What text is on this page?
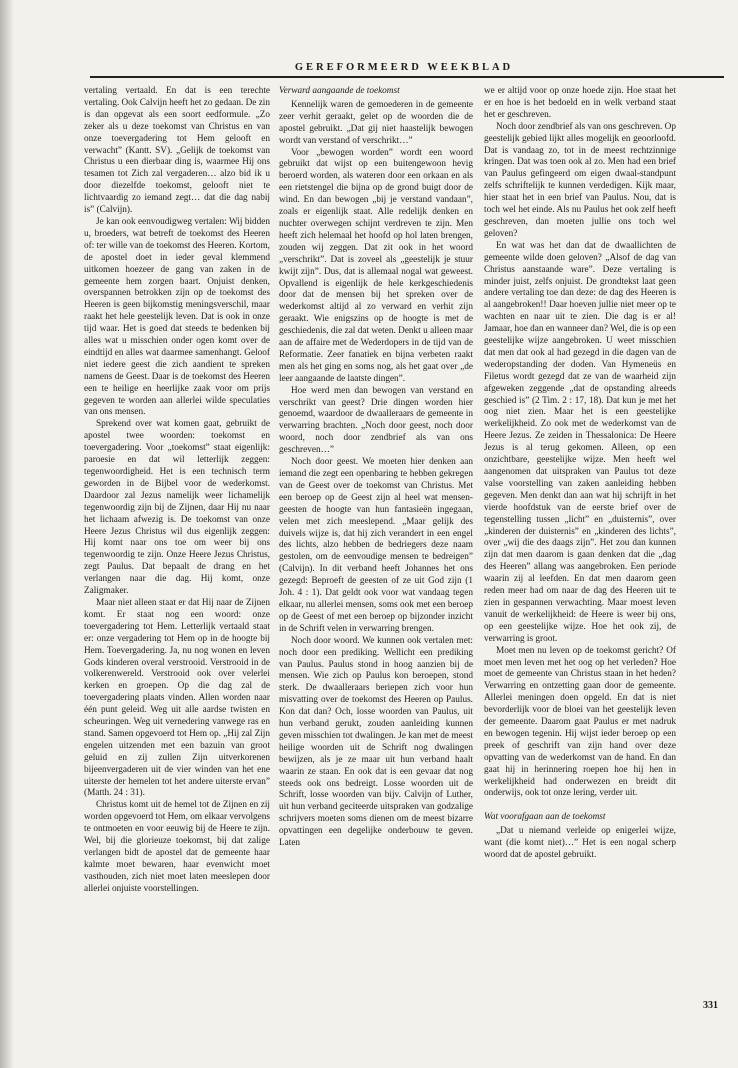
GEREFORMEERD WEEKBLAD

vertaling vertaald. En dat is een terechte vertaling. Ook Calvijn heeft het zo gedaan. De zin is dan opgevat als een soort eedformule. „Zo zeker als u deze toekomst van Christus en van onze toevergadering tot Hem gelooft en verwacht” (Kantt. SV). „Gelijk de toekomst van Christus u een dierbaar ding is, waarmee Hij ons tesamen tot Zich zal vergaderen… alzo bid ik u door diezelfde toekomst, gelooft niet te lichtvaardig zo iemand zegt… dat die dag nabij is” (Calvijn).

Je kan ook eenvoudigweg vertalen: Wij bidden u, broeders, wat betreft de toekomst des Heeren of: ter wille van de toekomst des Heeren. Kortom, de apostel doet in ieder geval klemmend uitkomen hoezeer de gang van zaken in de gemeente hem zorgen baart. Onjuist denken, overspannen betrokken zijn op de toekomst des Heeren is geen bijkomstig meningsverschil, maar raakt het hele geestelijk leven. Dat is ook in onze tijd waar. Het is goed dat steeds te bedenken bij alles wat u misschien onder ogen komt over de eindtijd en alles wat daarmee samenhangt. Geloof niet iedere geest die zich aandient te spreken namens de Geest. Daar is de toekomst des Heeren een te heilige en heerlijke zaak voor om prijs gegeven te worden aan allerlei wilde speculaties van ons mensen.

Sprekend over wat komen gaat, gebruikt de apostel twee woorden: toekomst en toevergadering. Voor „toekomst” staat eigenlijk: paroesie en dat wil letterlijk zeggen: tegenwoordigheid. Het is een technisch term geworden in de Bijbel voor de wederkomst. Daardoor zal Jezus namelijk weer lichamelijk tegenwoordig zijn bij de Zijnen, daar Hij nu naar het lichaam afwezig is. De toekomst van onze Heere Jezus Christus wil dus eigenlijk zeggen: Hij komt naar ons toe om weer bij ons tegenwoordig te zijn. Onze Heere Jezus Christus, zegt Paulus. Dat bepaalt de drang en het verlangen naar die dag. Hij komt, onze Zaligmaker.

Maar niet alleen staat er dat Hij naar de Zijnen komt. Er staat nog een woord: onze toevergadering tot Hem. Letterlijk vertaald staat er: onze vergadering tot Hem op in de hoogte bij Hem. Toevergadering. Ja, nu nog wonen en leven Gods kinderen overal verstrooid. Verstrooid in de volkerenwereld. Verstrooid ook over velerlei kerken en groepen. Op die dag zal de toevergadering plaats vinden. Allen worden naar één punt geleid. Weg uit alle aardse twisten en scheuringen. Weg uit vernedering vanwege ras en stand. Samen opgevoerd tot Hem op. „Hij zal Zijn engelen uitzenden met een bazuin van groot geluid en zij zullen Zijn uitverkorenen bijeenvergaderen uit de vier winden van het ene uiterste der hemelen tot het andere uiterste ervan” (Matth. 24 : 31).

Christus komt uit de hemel tot de Zijnen en zij worden opgevoerd tot Hem, om elkaar vervolgens te ontmoeten en voor eeuwig bij de Heere te zijn. Wel, bij die glorieuze toekomst, bij dat zalige verlangen bidt de apostel dat de gemeente haar kalmte moet bewaren, haar evenwicht moet vasthouden, zich niet moet laten meeslepen door allerlei onjuiste voorstellingen.

Verward aangaande de toekomst

Kennelijk waren de gemoederen in de gemeente zeer verhit geraakt, gelet op de woorden die de apostel gebruikt. „Dat gij niet haastelijk bewogen wordt van verstand of verschrikt…”

Voor „bewogen worden” wordt een woord gebruikt dat wijst op een buitengewoon hevig beroerd worden, als wateren door een orkaan en als een rietstengel die bijna op de grond buigt door de wind. En dan bewogen „bij je verstand vandaan”, zoals er eigenlijk staat. Alle redelijk denken en nuchter overwegen schijnt verdreven te zijn. Men heeft zich helemaal het hoofd op hol laten brengen, zouden wij zeggen. Dat zit ook in het woord „verschrikt”. Dat is zoveel als „geestelijk je stuur kwijt zijn”. Dus, dat is allemaal nogal wat geweest. Opvallend is eigenlijk de hele kerkgeschiedenis door dat de mensen bij het spreken over de wederkomst altijd al zo verward en verhit zijn geraakt. Wie enigszins op de hoogte is met de geschiedenis, die zal dat weten. Denkt u alleen maar aan de affaire met de Wederdopers in de tijd van de Reformatie. Zeer fanatiek en bijna verbeten raakt men als het ging en soms nog, als het gaat over „de leer aangaande de laatste dingen”.

Hoe werd men dan bewogen van verstand en verschrikt van geest? Drie dingen worden hier genoemd, waardoor de dwaalleraars de gemeente in verwarring brachten. „Noch door geest, noch door woord, noch door zendbrief als van ons geschreven…”

Noch door geest. We moeten hier denken aan iemand die zegt een openbaring te hebben gekregen van de Geest over de toekomst van Christus. Met een beroep op de Geest zijn al heel wat mensen-geesten de hoogte van hun fantasieën ingegaan, velen met zich meeslepend. „Maar gelijk des duivels wijze is, dat hij zich verandert in een engel des lichts, alzo hebben de bedriegers deze naam gestolen, om de eenvoudige mensen te bedreigen” (Calvijn). In dit verband heeft Johannes het ons gezegd: Beproeft de geesten of ze uit God zijn (1 Joh. 4 : 1). Dat geldt ook voor wat vandaag tegen elkaar, nu allerlei mensen, soms ook met een beroep op de Geest of met een beroep op bijzonder inzicht in de Schrift velen in verwarring brengen.

Noch door woord. We kunnen ook vertalen met: noch door een prediking. Wellicht een prediking van Paulus. Paulus stond in hoog aanzien bij de mensen. Wie zich op Paulus kon beroepen, stond sterk. De dwaalleraars beriepen zich voor hun misvatting over de toekomst des Heeren op Paulus. Kon dat dan? Och, losse woorden van Paulus, uit hun verband gerukt, zouden aanleiding kunnen geven misschien tot dwalingen. Je kan met de meest heilige woorden uit de Schrift nog dwalingen bewijzen, als je ze maar uit hun verband haalt waarin ze staan. En ook dat is een gevaar dat nog steeds ook ons bedreigt. Losse woorden uit de Schrift, losse woorden van bijv. Calvijn of Luther, uit hun verband geciteerde uitspraken van godzalige schrijvers moeten soms dienen om de meest bizarre opvattingen een degelijke onderbouw te geven. Laten

we er altijd voor op onze hoede zijn. Hoe staat het er en hoe is het bedoeld en in welk verband staat het er geschreven.

Noch door zendbrief als van ons geschreven. Op geestelijk gebied lijkt alles mogelijk en geoorloofd. Dat is vandaag zo, tot in de meest rechtzinnige kringen. Dat was toen ook al zo. Men had een brief van Paulus gefingeerd om eigen dwaal-standpunt zelfs schriftelijk te kunnen verdedigen. Kijk maar, hier staat het in een brief van Paulus. Nou, dat is toch wel het einde. Als nu Paulus het ook zelf heeft geschreven, dan moeten jullie ons toch wel geloven?

En wat was het dan dat de dwaallichten de gemeente wilde doen geloven? „Alsof de dag van Christus aanstaande ware”. Deze vertaling is minder juist, zelfs onjuist. De grondtekst laat geen andere vertaling toe dan deze: de dag des Heeren is al aangebroken!! Daar hoeven jullie niet meer op te wachten en naar uit te zien. Die dag is er al! Jamaar, hoe dan en wanneer dan? Wel, die is op een geestelijke wijze aangebroken. U weet misschien dat men dat ook al had gezegd in die dagen van de wederopstanding der doden. Van Hymeneüs en Filetus wordt gezegd dat ze van de waarheid zijn afgeweken zeggende „dat de opstanding alreeds geschied is” (2 Tim. 2 : 17, 18). Dat kun je met het oog niet zien. Maar het is een geestelijke werkelijkheid. Zo ook met de wederkomst van de Heere Jezus. Ze zeiden in Thessalonica: De Heere Jezus is al terug gekomen. Alleen, op een onzichtbare, geestelijke wijze. Men heeft wel aangenomen dat uitspraken van Paulus tot deze valse voorstelling van zaken aanleiding hebben gegeven. Men denkt dan aan wat hij schrijft in het vierde hoofdstuk van de eerste brief over de tegenstelling tussen „licht” en „duisternis”, over „kinderen der duisternis” en „kinderen des lichts”, over „wij die des daags zijn”. Het zou dan kunnen zijn dat men daarom is gaan denken dat die „dag des Heeren” allang was aangebroken. Een periode waarin zij al leefden. En dat men daarom geen reden meer had om naar de dag des Heeren uit te zien in gespannen verwachting. Maar moest leven vanuit de werkelijkheid: de Heere is weer bij ons, op een geestelijke wijze. Hoe het ook zij, de verwarring is groot.

Moet men nu leven op de toekomst gericht? Of moet men leven met het oog op het verleden? Hoe moet de gemeente van Christus staan in het heden? Verwarring en ontzetting gaan door de gemeente. Allerlei meningen doen opgeld. En dat is niet bevorderlijk voor de bloei van het geestelijk leven der gemeente. Daarom gaat Paulus er met nadruk en bewogen tegenin. Hij wijst ieder beroep op een preek of geschrift van zijn hand over deze opvatting van de wederkomst van de hand. En dan gaat hij in herinnering roepen hoe hij hen in werkelijkheid had onderwezen en breidt dit onderwijs, ook tot onze lering, verder uit.

Wat voorafgaan aan de toekomst

„Dat u niemand verleide op enigerlei wijze, want (die komt niet)…” Het is een nogal scherp woord dat de apostel gebruikt.

331
